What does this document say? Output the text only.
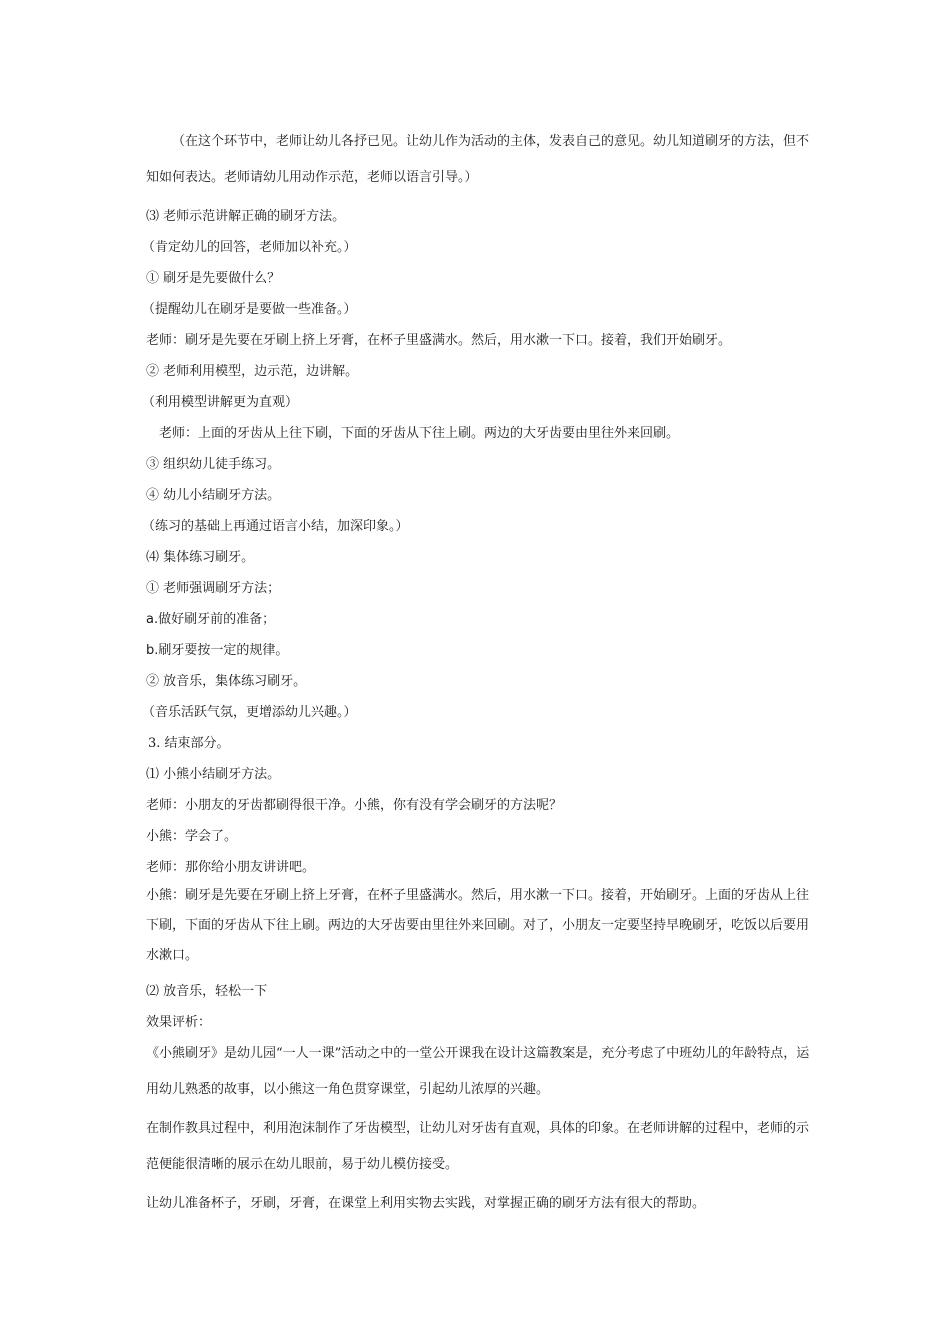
（在这个环节中，老师让幼儿各抒已见。让幼儿作为活动的主体，发表自己的意见。幼儿知道刷牙的方法，但不知如何表达。老师请幼儿用动作示范，老师以语言引导。）

⑶ 老师示范讲解正确的刷牙方法。

（肯定幼儿的回答，老师加以补充。）

① 刷牙是先要做什么？

（提醒幼儿在刷牙是要做一些准备。）

老师：刷牙是先要在牙刷上挤上牙膏，在杯子里盛满水。然后，用水漱一下口。接着，我们开始刷牙。

② 老师利用模型，边示范，边讲解。

（利用模型讲解更为直观）

老师：上面的牙齿从上往下刷，下面的牙齿从下往上刷。两边的大牙齿要由里往外来回刷。

③ 组织幼儿徒手练习。

④ 幼儿小结刷牙方法。

（练习的基础上再通过语言小结，加深印象。）

⑷ 集体练习刷牙。

① 老师强调刷牙方法；

a.做好刷牙前的准备；

b.刷牙要按一定的规律。

② 放音乐，集体练习刷牙。

（音乐活跃气氛，更增添幼儿兴趣。）

3. 结束部分。

⑴ 小熊小结刷牙方法。

老师：小朋友的牙齿都刷得很干净。小熊，你有没有学会刷牙的方法呢？

小熊：学会了。

老师：那你给小朋友讲讲吧。

小熊：刷牙是先要在牙刷上挤上牙膏，在杯子里盛满水。然后，用水漱一下口。接着，开始刷牙。上面的牙齿从上往下刷，下面的牙齿从下往上刷。两边的大牙齿要由里往外来回刷。对了，小朋友一定要坚持早晚刷牙，吃饭以后要用水漱口。

⑵ 放音乐，轻松一下

效果评析：

《小熊刷牙》是幼儿园“一人一课”活动之中的一堂公开课我在设计这篇教案是，充分考虑了中班幼儿的年龄特点，运用幼儿熟悉的故事，以小熊这一角色贯穿课堂，引起幼儿浓厚的兴趣。

在制作教具过程中，利用泡沫制作了牙齿模型，让幼儿对牙齿有直观，具体的印象。在老师讲解的过程中，老师的示范便能很清晰的展示在幼儿眼前，易于幼儿模仿接受。

让幼儿准备杯子，牙刷，牙膏，在课堂上利用实物去实践，对掌握正确的刷牙方法有很大的帮助。
